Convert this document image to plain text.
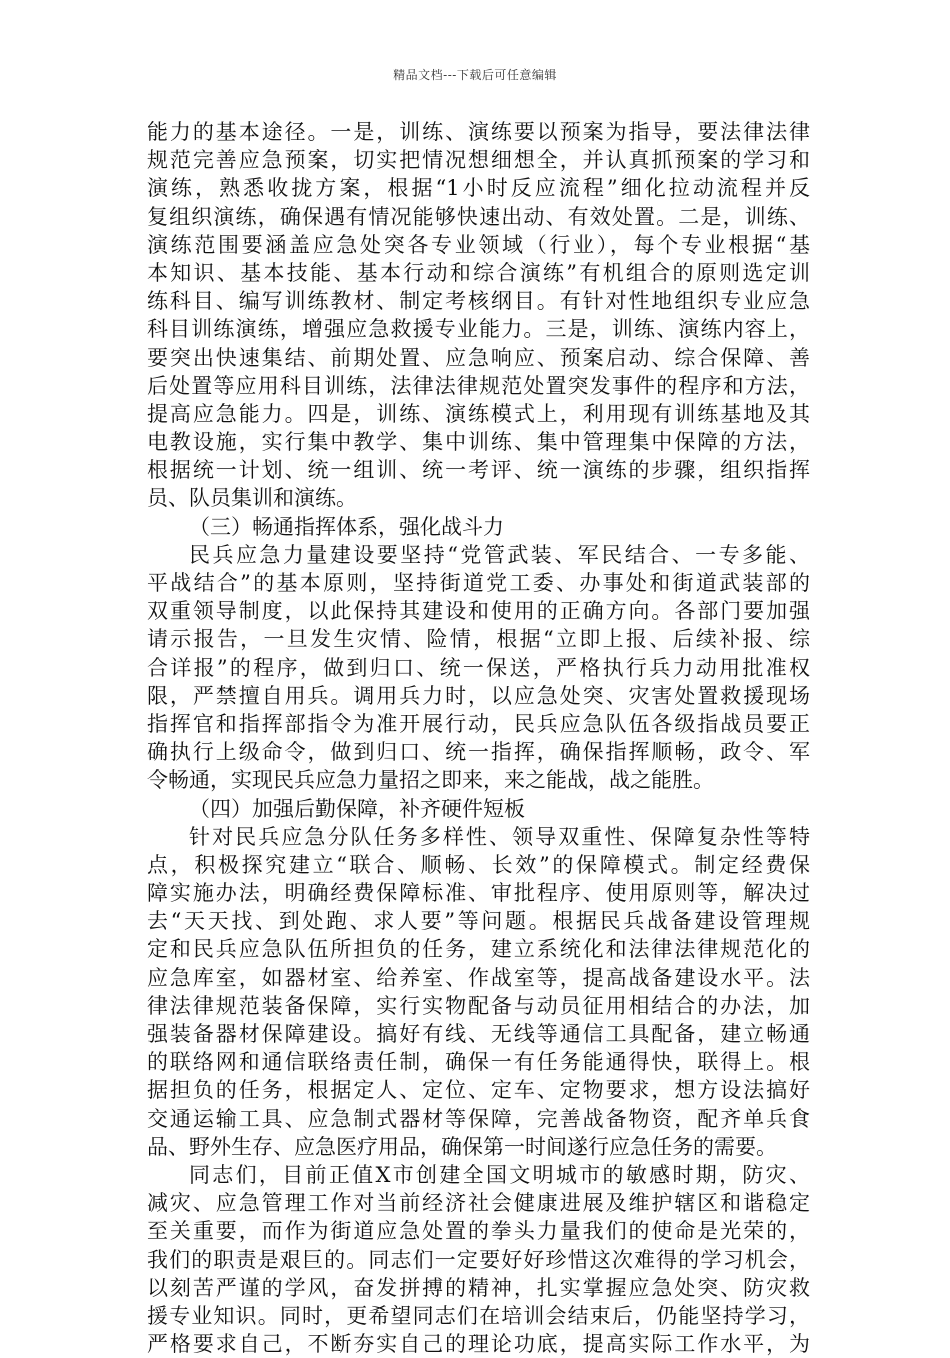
精品文档---下载后可任意编辑
能力的基本途径。一是，训练、演练要以预案为指导，要法律法律
规范完善应急预案，切实把情况想细想全，并认真抓预案的学习和
演练，熟悉收拢方案，根据“1小时反应流程”细化拉动流程并反
复组织演练，确保遇有情况能够快速出动、有效处置。二是，训练、
演练范围要涵盖应急处突各专业领域（行业），每个专业根据“基
本知识、基本技能、基本行动和综合演练”有机组合的原则选定训
练科目、编写训练教材、制定考核纲目。有针对性地组织专业应急
科目训练演练，增强应急救援专业能力。三是，训练、演练内容上，
要突出快速集结、前期处置、应急响应、预案启动、综合保障、善
后处置等应用科目训练，法律法律规范处置突发事件的程序和方法，
提高应急能力。四是，训练、演练模式上，利用现有训练基地及其
电教设施，实行集中教学、集中训练、集中管理集中保障的方法，
根据统一计划、统一组训、统一考评、统一演练的步骤，组织指挥
员、队员集训和演练。
（三）畅通指挥体系，强化战斗力
民兵应急力量建设要坚持“党管武装、军民结合、一专多能、
平战结合”的基本原则，坚持街道党工委、办事处和街道武装部的
双重领导制度，以此保持其建设和使用的正确方向。各部门要加强
请示报告，一旦发生灾情、险情，根据“立即上报、后续补报、综
合详报”的程序，做到归口、统一保送，严格执行兵力动用批准权
限，严禁擅自用兵。调用兵力时，以应急处突、灾害处置救援现场
指挥官和指挥部指令为准开展行动，民兵应急队伍各级指战员要正
确执行上级命令，做到归口、统一指挥，确保指挥顺畅，政令、军
令畅通，实现民兵应急力量招之即来，来之能战，战之能胜。
（四）加强后勤保障，补齐硬件短板
针对民兵应急分队任务多样性、领导双重性、保障复杂性等特
点，积极探究建立“联合、顺畅、长效”的保障模式。制定经费保
障实施办法，明确经费保障标准、审批程序、使用原则等，解决过
去“天天找、到处跑、求人要”等问题。根据民兵战备建设管理规
定和民兵应急队伍所担负的任务，建立系统化和法律法律规范化的
应急库室，如器材室、给养室、作战室等，提高战备建设水平。法
律法律规范装备保障，实行实物配备与动员征用相结合的办法，加
强装备器材保障建设。搞好有线、无线等通信工具配备，建立畅通
的联络网和通信联络责任制，确保一有任务能通得快，联得上。根
据担负的任务，根据定人、定位、定车、定物要求，想方设法搞好
交通运输工具、应急制式器材等保障，完善战备物资，配齐单兵食
品、野外生存、应急医疗用品，确保第一时间遂行应急任务的需要。
同志们，目前正值X市创建全国文明城市的敏感时期，防灾、
减灾、应急管理工作对当前经济社会健康进展及维护辖区和谐稳定
至关重要，而作为街道应急处置的拳头力量我们的使命是光荣的，
我们的职责是艰巨的。同志们一定要好好珍惜这次难得的学习机会，
以刻苦严谨的学风，奋发拼搏的精神，扎实掌握应急处突、防灾救
援专业知识。同时，更希望同志们在培训会结束后，仍能坚持学习，
严格要求自己，不断夯实自己的理论功底，提高实际工作水平，为
